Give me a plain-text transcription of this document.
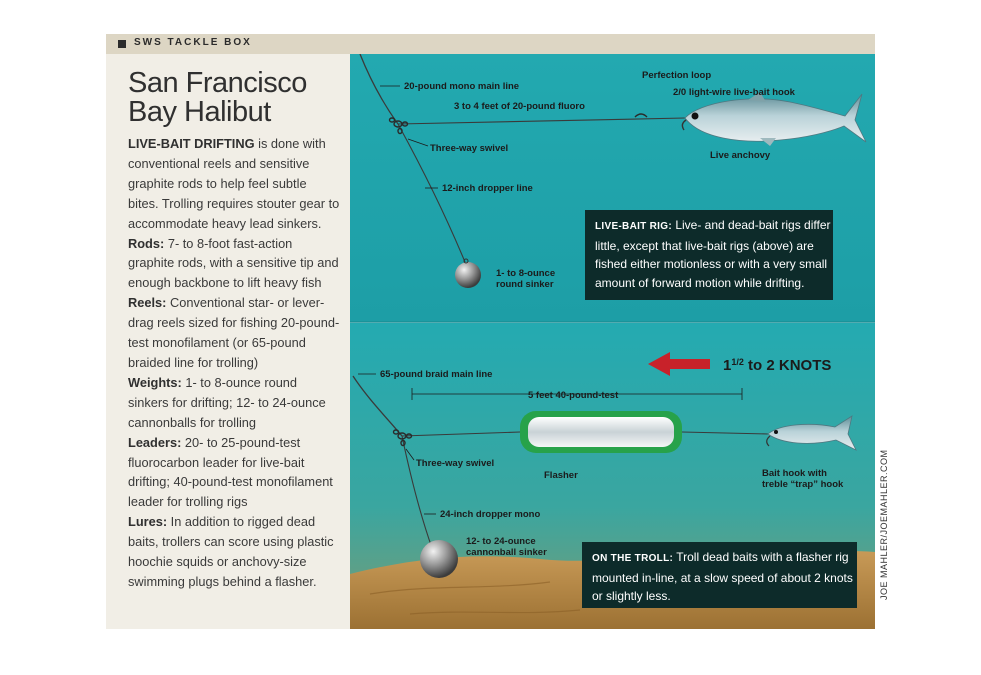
SWS TACKLE BOX
San Francisco
Bay Halibut
LIVE-BAIT DRIFTING is done with conventional reels and sensitive graphite rods to help feel subtle bites. Trolling requires stouter gear to accommodate heavy lead sinkers.
Rods: 7- to 8-foot fast-action graphite rods, with a sensitive tip and enough backbone to lift heavy fish
Reels: Conventional star- or lever-drag reels sized for fishing 20-pound-test monofilament (or 65-pound braided line for trolling)
Weights: 1- to 8-ounce round sinkers for drifting; 12- to 24-ounce cannonballs for trolling
Leaders: 20- to 25-pound-test fluorocarbon leader for live-bait drifting; 40-pound-test monofilament leader for trolling rigs
Lures: In addition to rigged dead baits, trollers can score using plastic hoochie squids or anchovy-size swimming plugs behind a flasher.
20-pound mono main line
3 to 4 feet of 20-pound fluoro
Perfection loop
2/0 light-wire live-bait hook
Three-way swivel
12-inch dropper line
Live anchovy
1- to 8-ounce
round sinker
$1^{1/2}$ to 2 KNOTS
65-pound braid main line
5 feet 40-pound-test
Three-way swivel
Flasher	Bait hook with
treble “trap” hook
24-inch dropper mono
12- to 24-ounce
cannonball sinker
LIVE-BAIT RIG: Live- and dead-bait rigs differ little, except that live-bait rigs (above) are fished either motionless or with a very small amount of forward motion while drifting.
ON THE TROLL: Troll dead baits with a flasher rig mounted in-line, at a slow speed of about 2 knots or slightly less.	JOE MAHLER/JOEMAHLER.COM
